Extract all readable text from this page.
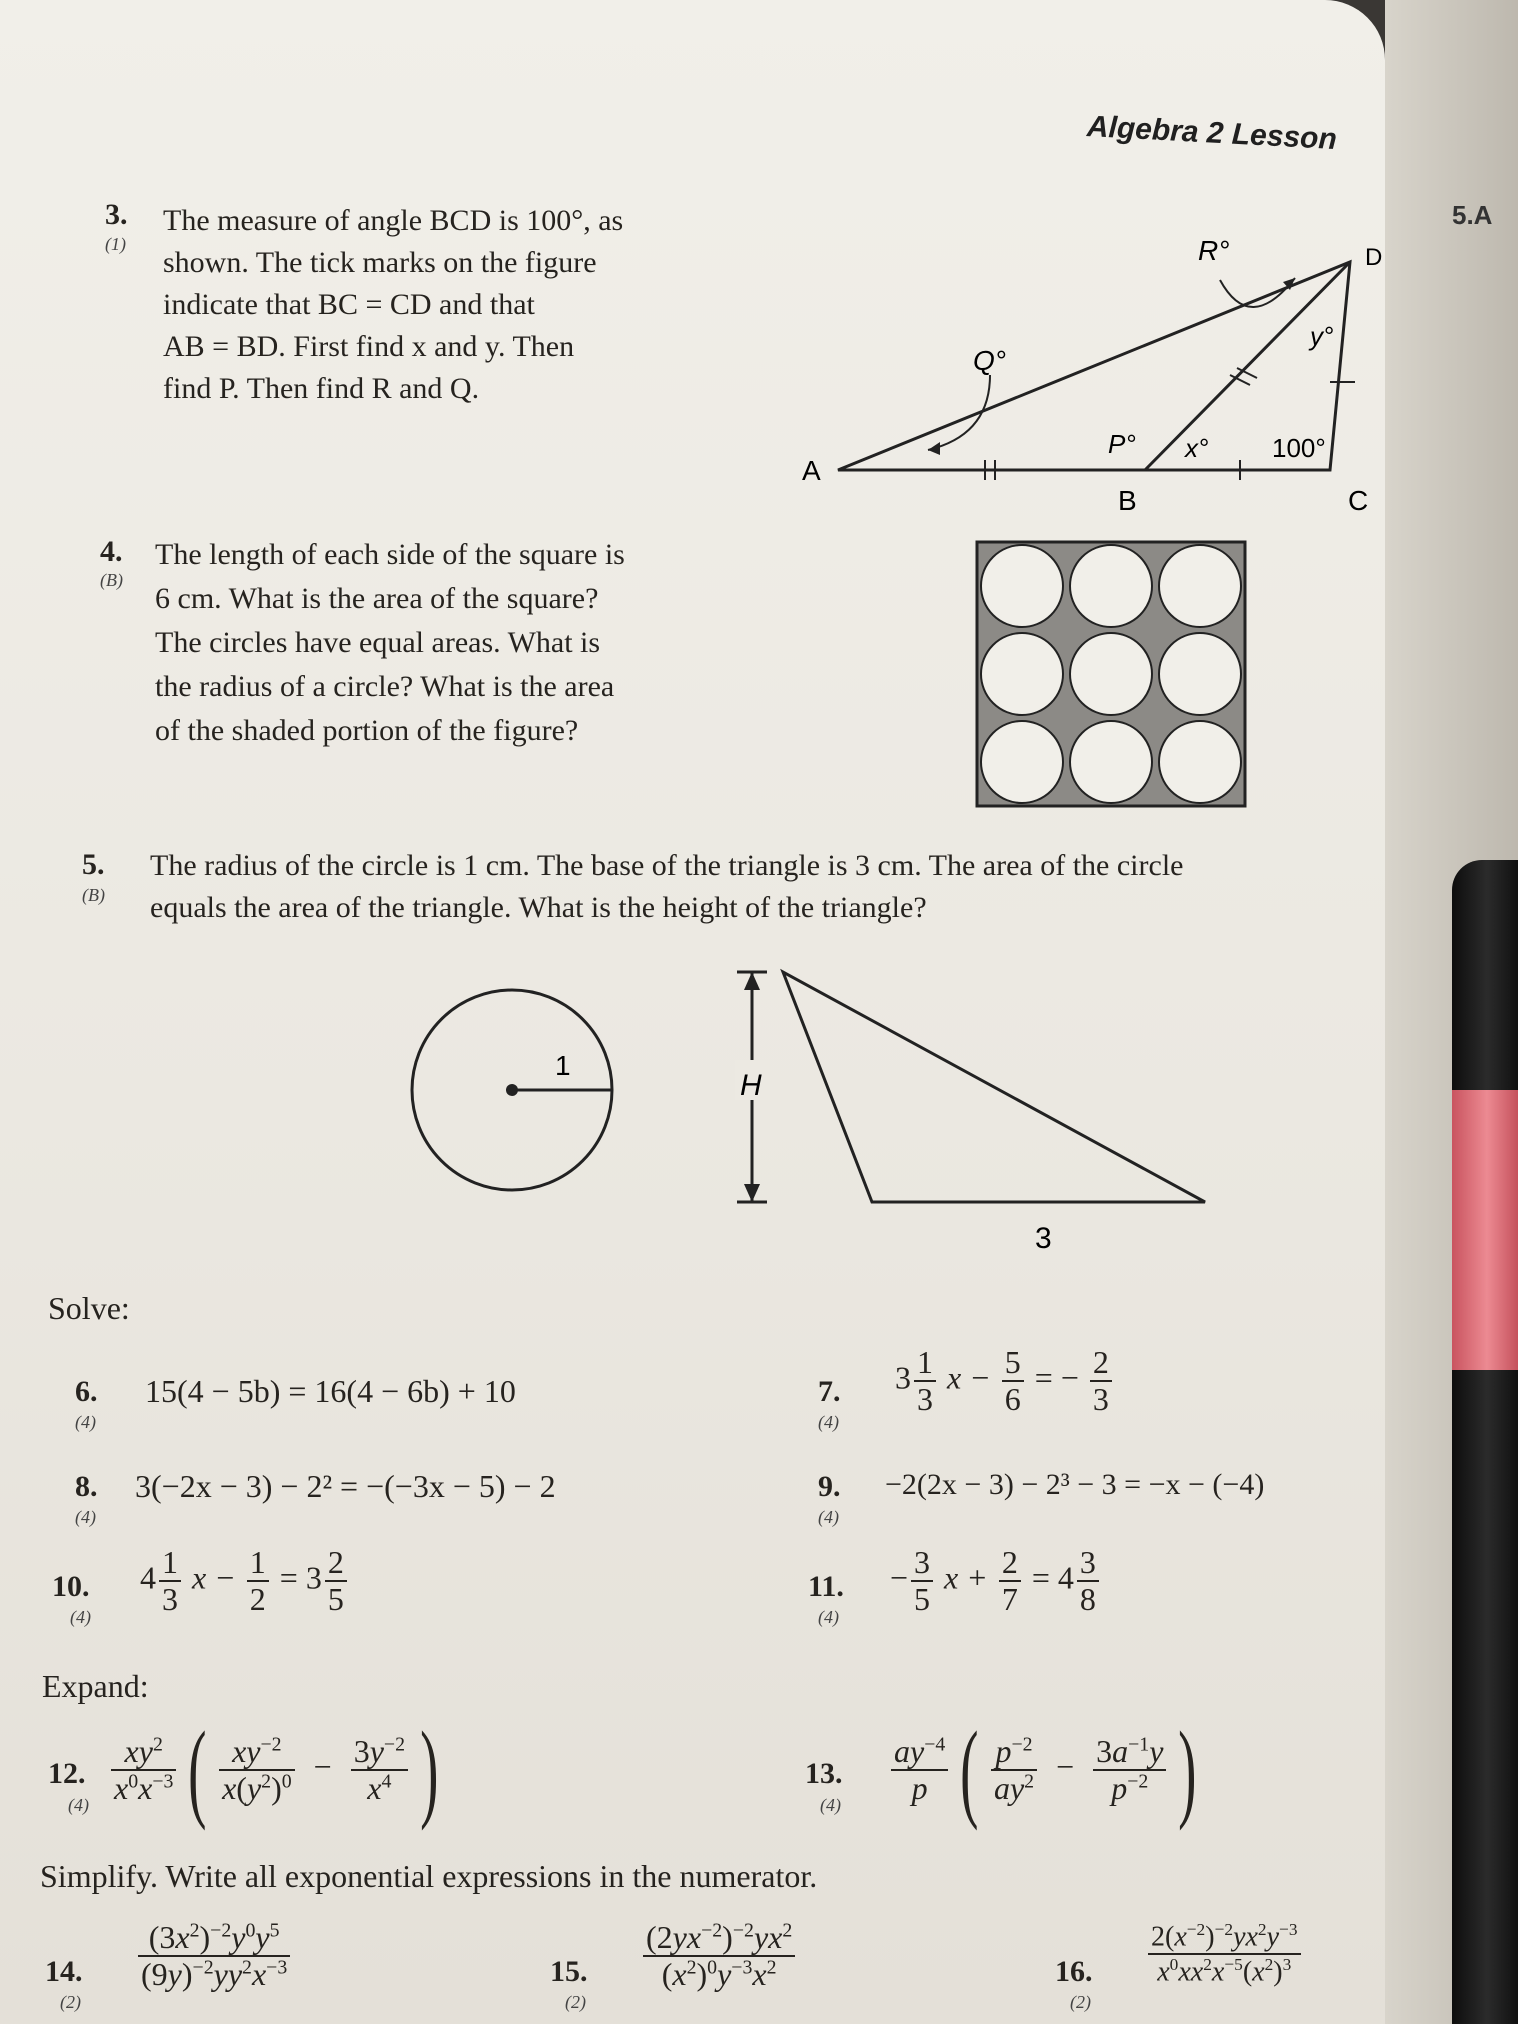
5.A
Algebra 2 Lesson
3.
(1)
The measure of angle BCD is 100°, as
shown. The tick marks on the figure
indicate that BC = CD and that
AB = BD. First find x and y. Then
find P. Then find R and Q.
R°	D
y°
Q°
P° x° 100°
A
B	C
4.
(B)
The length of each side of the square is
6 cm. What is the area of the square?
The circles have equal areas. What is
the radius of a circle? What is the area
of the shaded portion of the figure?
5.
(B)
The radius of the circle is 1 cm. The base of the triangle is 3 cm. The area of the circle
equals the area of the triangle. What is the height of the triangle?
1
H
3
Solve:
6.
(4)
15(4 − 5b) = 16(4 − 6b) + 10	7.
(4)
$3 \frac{1}{3}$ $x - \frac{5}{6}$ = − $\frac{2}{3}$
8.
(4)
3(−2x − 3) − 2² = −(−3x − 5) − 2	9.
(4)
−2(2x − 3) − 2³ − 3 = −x − (−4)
10.
(4)
$4 \frac{1}{3}$ $x - \frac{1}{2} = 3 \frac{2}{5}$	11.
(4)
− $\frac{3}{5}$ $x + \frac{2}{7} = 4 \frac{3}{8}$
Expand:
12.
$(4) \frac{xy^2}{x^0x^{-3}}$ ( $\frac{xy^{-2}}{x(y^2)^0} - \frac{3y^{-2}}{x^4}$ )	13.
$(4) \frac{ay^{-4}}{p}$ ( $\frac{p^{-2}}{ay^2} - \frac{3a^{-1}y}{p^{-2}}$ )
Simplify. Write all exponential expressions in the numerator.
14.
(2)
$\frac{(3x^2)^{-2}y^0y^5}{(9y)^{-2}yy^2x^{-3}}$	15.
(2)
$\frac{(2yx^{-2})^{-2}yx^2}{(x^2)^0y^{-3}x^2}$	16.
(2)
$\frac{2(x^{-2})^{-2}yx^2y^{-3}}{x^0xx^2x^{-5}(x^2)^3}$
